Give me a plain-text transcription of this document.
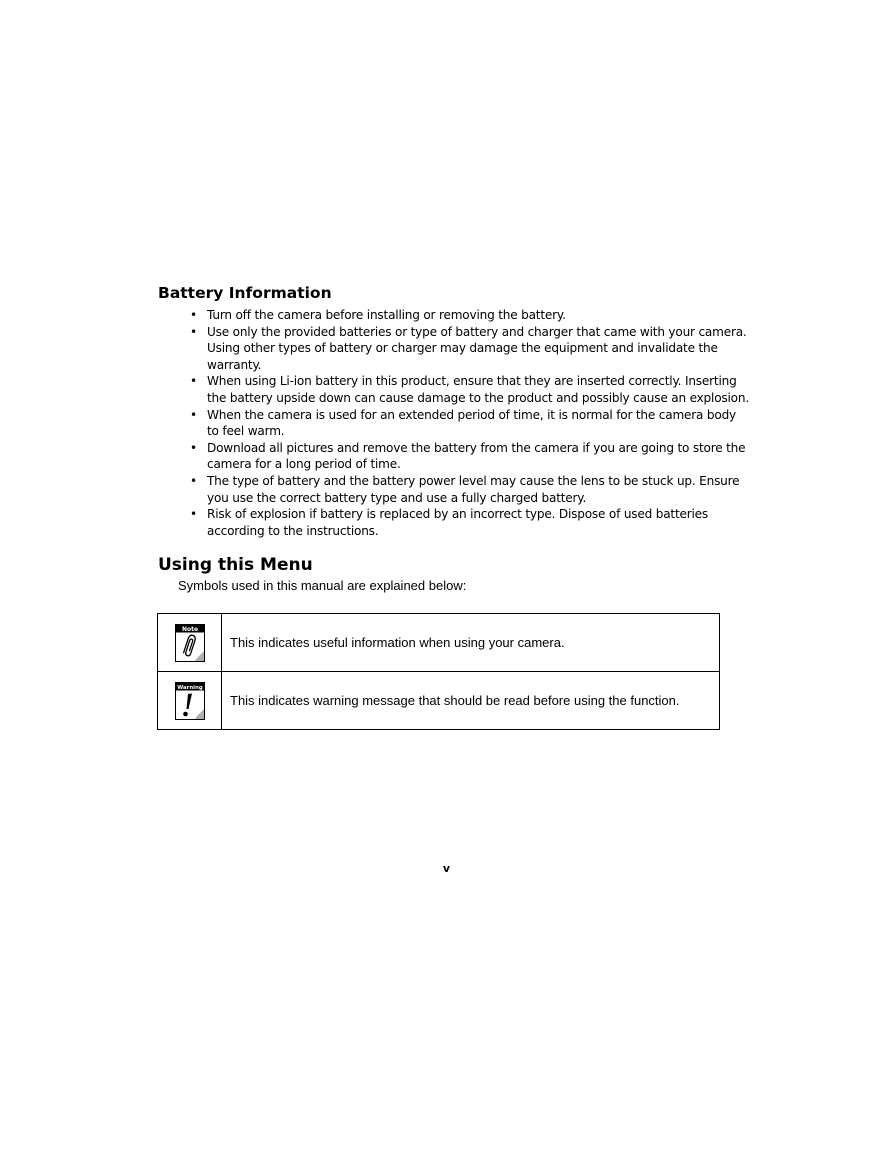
Battery Information
• Turn off the camera before installing or removing the battery.
• Use only the provided batteries or type of battery and charger that came with your camera. Using other types of battery or charger may damage the equipment and invalidate the warranty.
• When using Li-ion battery in this product, ensure that they are inserted correctly. Inserting the battery upside down can cause damage to the product and possibly cause an explosion.
• When the camera is used for an extended period of time, it is normal for the camera body to feel warm.
• Download all pictures and remove the battery from the camera if you are going to store the camera for a long period of time.
• The type of battery and the battery power level may cause the lens to be stuck up. Ensure you use the correct battery type and use a fully charged battery.
• Risk of explosion if battery is replaced by an incorrect type. Dispose of used batteries according to the instructions.
Using this Menu

Symbols used in this manual are explained below:

Note	This indicates useful information when using your camera.

Warning	This indicates warning message that should be read before using the function.
v
